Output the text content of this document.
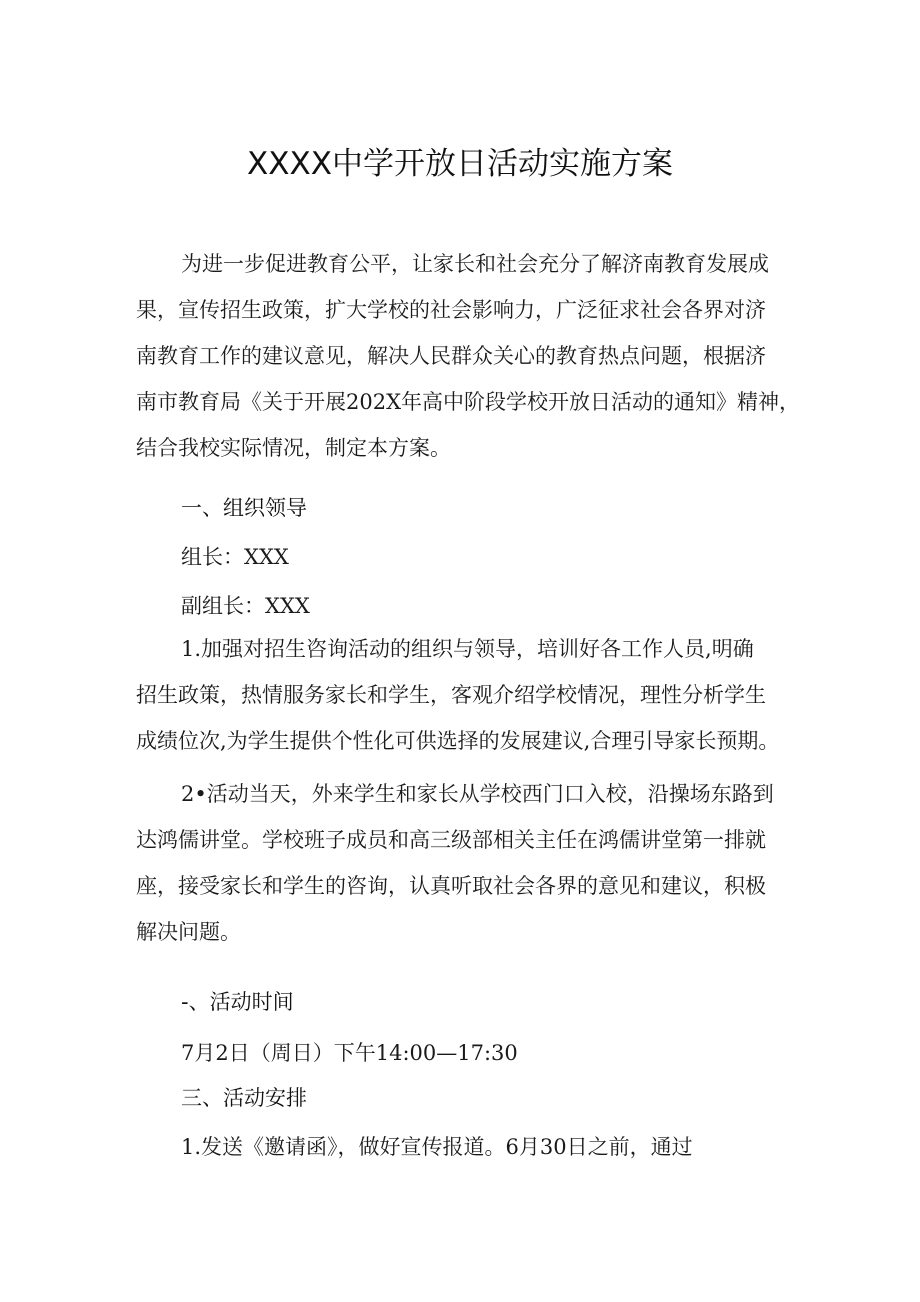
XXXX中学开放日活动实施方案
为进一步促进教育公平，让家长和社会充分了解济南教育发展成
果，宣传招生政策，扩大学校的社会影响力，广泛征求社会各界对济
南教育工作的建议意见，解决人民群众关心的教育热点问题，根据济
南市教育局《关于开展202X年高中阶段学校开放日活动的通知》精神，
结合我校实际情况，制定本方案。
一、组织领导
组长：XXX
副组长：XXX
1.加强对招生咨询活动的组织与领导，培训好各工作人员,明确
招生政策，热情服务家长和学生，客观介绍学校情况，理性分析学生
成绩位次,为学生提供个性化可供选择的发展建议,合理引导家长预期。
2•活动当天，外来学生和家长从学校西门口入校，沿操场东路到
达鸿儒讲堂。学校班子成员和高三级部相关主任在鸿儒讲堂第一排就
座，接受家长和学生的咨询，认真听取社会各界的意见和建议，积极
解决问题。
-、活动时间
7月2日（周日）下午14:00—17:30
三、活动安排
1.发送《邀请函》，做好宣传报道。6月30日之前，通过
